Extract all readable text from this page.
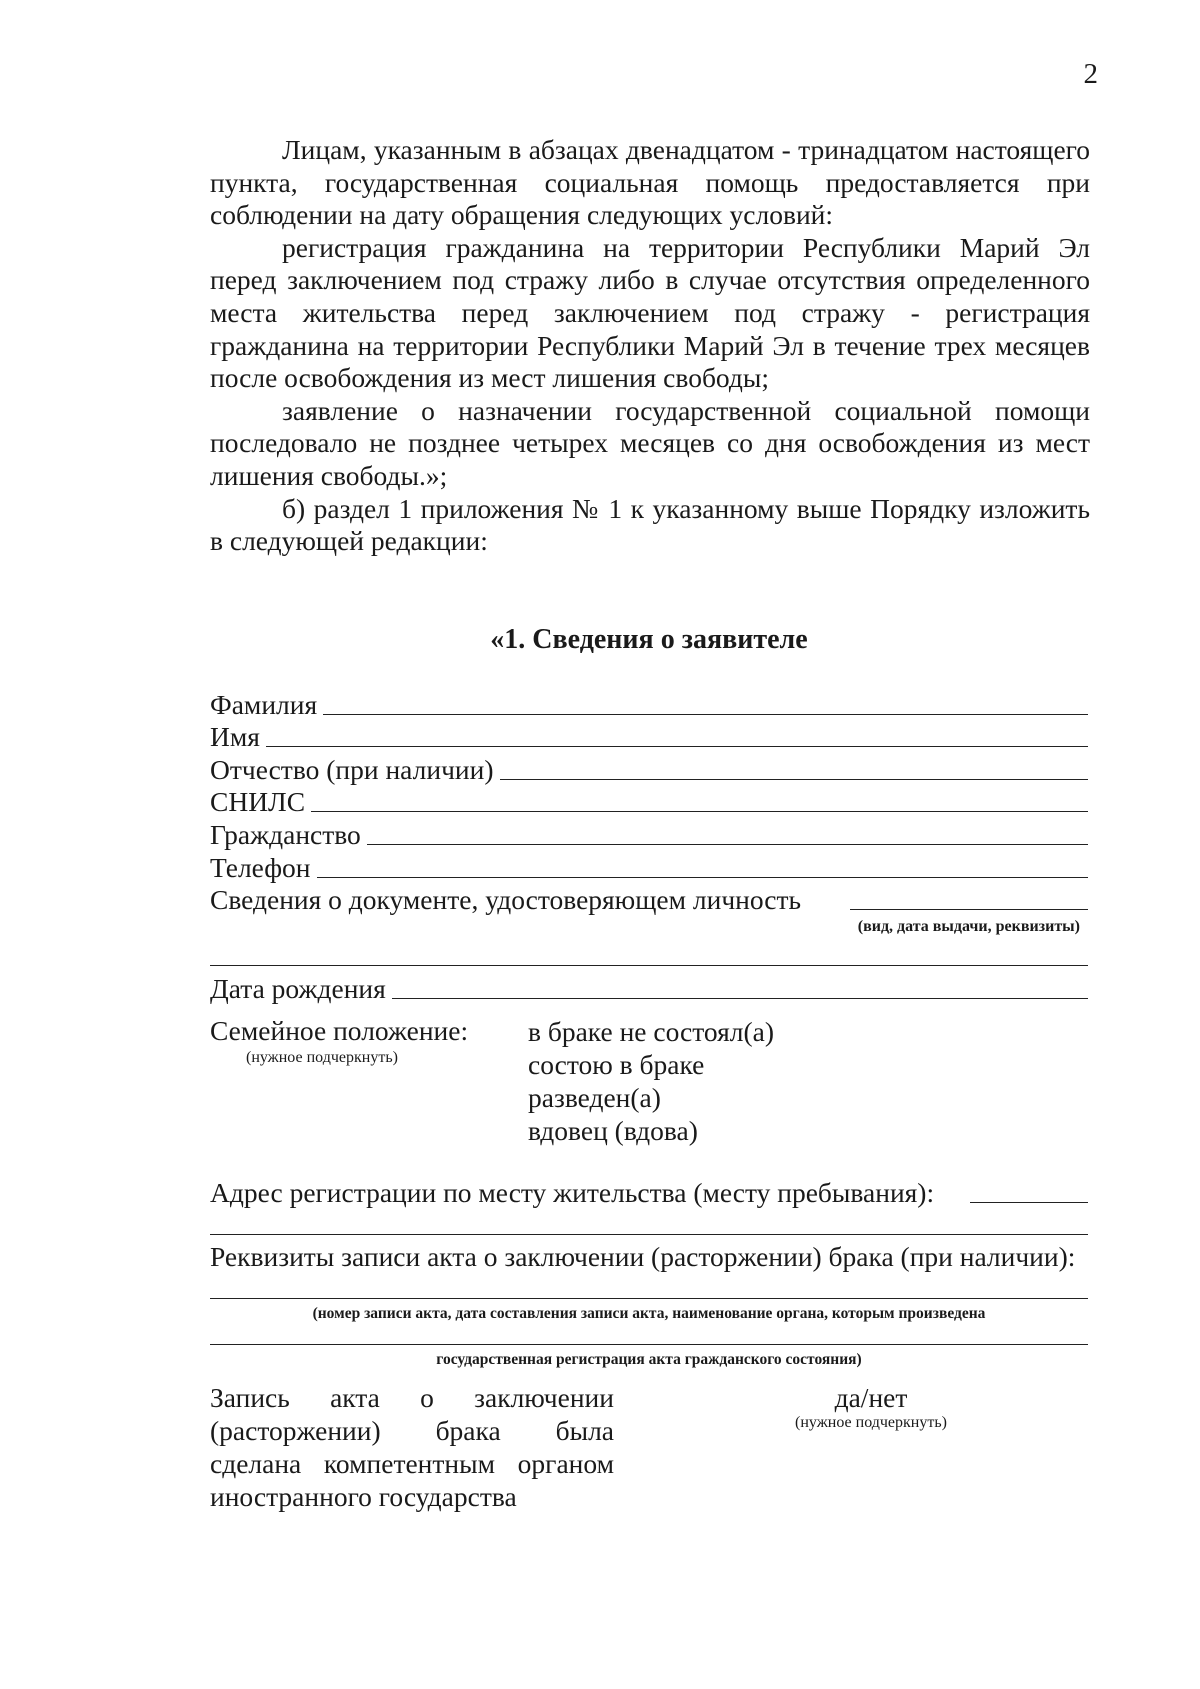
2

Лицам, указанным в абзацах двенадцатом - тринадцатом настоящего пункта, государственная социальная помощь предоставляется при соблюдении на дату обращения следующих условий:

регистрация гражданина на территории Республики Марий Эл перед заключением под стражу либо в случае отсутствия определенного места жительства перед заключением под стражу - регистрация гражданина на территории Республики Марий Эл в течение трех месяцев после освобождения из мест лишения свободы;

заявление о назначении государственной социальной помощи последовало не позднее четырех месяцев со дня освобождения из мест лишения свободы.»;

б) раздел 1 приложения № 1 к указанному выше Порядку изложить в следующей редакции:

«1. Сведения о заявителе
Фамилия
Имя
Отчество (при наличии)
СНИЛС
Гражданство
Телефон
Сведения о документе, удостоверяющем личность
(вид, дата выдачи, реквизиты)
Дата рождения
Семейное положение:
(нужное подчеркнуть)
в браке не состоял(а)
состою в браке
разведен(а)
вдовец (вдова)
Адрес регистрации по месту жительства (месту пребывания):
Реквизиты записи акта о заключении (расторжении) брака (при наличии):
(номер записи акта, дата составления записи акта, наименование органа, которым произведена
государственная регистрация акта гражданского состояния)
Запись акта о заключении (расторжении) брака была сделана компетентным органом иностранного государства
да/нет
(нужное подчеркнуть)
